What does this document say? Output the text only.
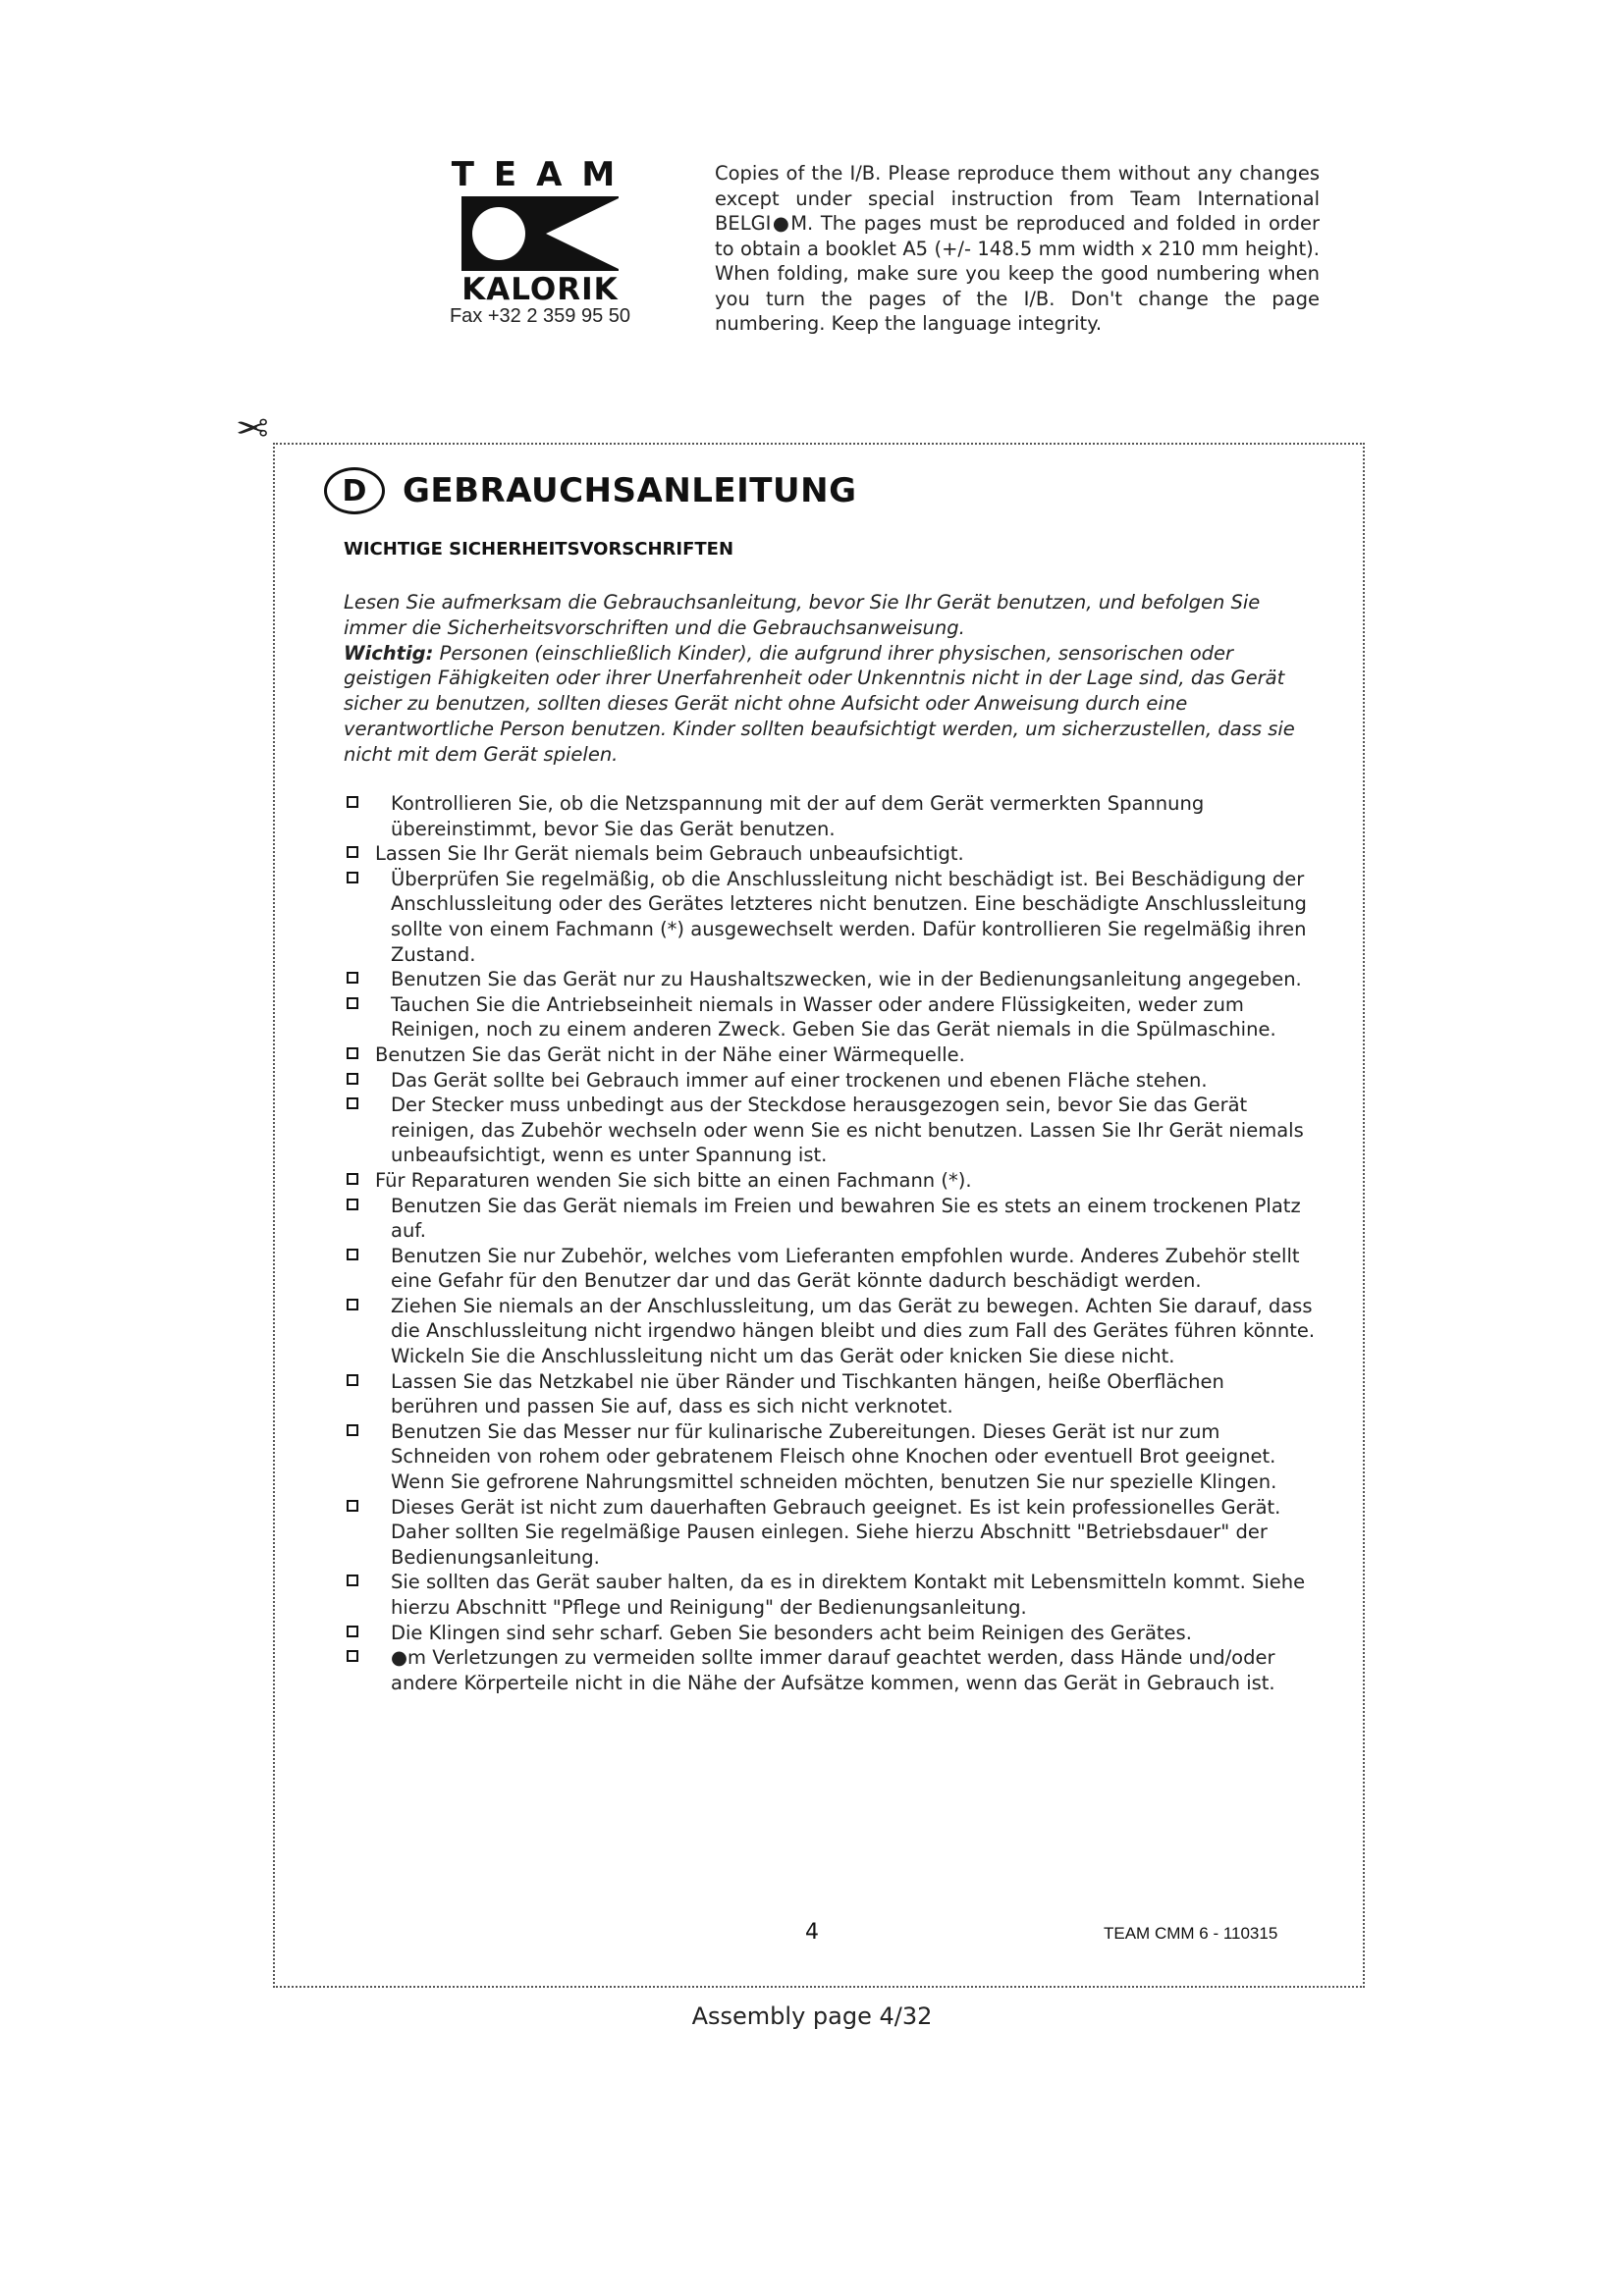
TEAM
KALORIK
Fax +32 2 359 95 50
Copies of the I/B. Please reproduce them without any changes except under special instruction from Team International BELGI●M. The pages must be reproduced and folded in order to obtain a booklet A5 (+/- 148.5 mm width x 210 mm height). When folding, make sure you keep the good numbering when you turn the pages of the I/B. Don't change the page numbering. Keep the language integrity.
✂
D	GEBRAUCHSANLEITUNG
WICHTIGE SICHERHEITSVORSCHRIFTEN

Lesen Sie aufmerksam die Gebrauchsanleitung, bevor Sie Ihr Gerät benutzen, und befolgen Sie immer die Sicherheitsvorschriften und die Gebrauchsanweisung.

Wichtig: Personen (einschließlich Kinder), die aufgrund ihrer physischen, sensorischen oder geistigen Fähigkeiten oder ihrer Unerfahrenheit oder Unkenntnis nicht in der Lage sind, das Gerät sicher zu benutzen, sollten dieses Gerät nicht ohne Aufsicht oder Anweisung durch eine verantwortliche Person benutzen. Kinder sollten beaufsichtigt werden, um sicherzustellen, dass sie nicht mit dem Gerät spielen.

Kontrollieren Sie, ob die Netzspannung mit der auf dem Gerät vermerkten Spannung übereinstimmt, bevor Sie das Gerät benutzen.
Lassen Sie Ihr Gerät niemals beim Gebrauch unbeaufsichtigt.
Überprüfen Sie regelmäßig, ob die Anschlussleitung nicht beschädigt ist. Bei Beschädigung der Anschlussleitung oder des Gerätes letzteres nicht benutzen. Eine beschädigte Anschlussleitung sollte von einem Fachmann (*) ausgewechselt werden. Dafür kontrollieren Sie regelmäßig ihren Zustand.
Benutzen Sie das Gerät nur zu Haushaltszwecken, wie in der Bedienungsanleitung angegeben.
Tauchen Sie die Antriebseinheit niemals in Wasser oder andere Flüssigkeiten, weder zum Reinigen, noch zu einem anderen Zweck. Geben Sie das Gerät niemals in die Spülmaschine.
Benutzen Sie das Gerät nicht in der Nähe einer Wärmequelle.
Das Gerät sollte bei Gebrauch immer auf einer trockenen und ebenen Fläche stehen.
Der Stecker muss unbedingt aus der Steckdose herausgezogen sein, bevor Sie das Gerät reinigen, das Zubehör wechseln oder wenn Sie es nicht benutzen. Lassen Sie Ihr Gerät niemals unbeaufsichtigt, wenn es unter Spannung ist.
Für Reparaturen wenden Sie sich bitte an einen Fachmann (*).
Benutzen Sie das Gerät niemals im Freien und bewahren Sie es stets an einem trockenen Platz auf.
Benutzen Sie nur Zubehör, welches vom Lieferanten empfohlen wurde. Anderes Zubehör stellt eine Gefahr für den Benutzer dar und das Gerät könnte dadurch beschädigt werden.
Ziehen Sie niemals an der Anschlussleitung, um das Gerät zu bewegen. Achten Sie darauf, dass die Anschlussleitung nicht irgendwo hängen bleibt und dies zum Fall des Gerätes führen könnte. Wickeln Sie die Anschlussleitung nicht um das Gerät oder knicken Sie diese nicht.
Lassen Sie das Netzkabel nie über Ränder und Tischkanten hängen, heiße Oberflächen berühren und passen Sie auf, dass es sich nicht verknotet.
Benutzen Sie das Messer nur für kulinarische Zubereitungen. Dieses Gerät ist nur zum Schneiden von rohem oder gebratenem Fleisch ohne Knochen oder eventuell Brot geeignet. Wenn Sie gefrorene Nahrungsmittel schneiden möchten, benutzen Sie nur spezielle Klingen.
Dieses Gerät ist nicht zum dauerhaften Gebrauch geeignet. Es ist kein professionelles Gerät. Daher sollten Sie regelmäßige Pausen einlegen. Siehe hierzu Abschnitt "Betriebsdauer" der Bedienungsanleitung.
Sie sollten das Gerät sauber halten, da es in direktem Kontakt mit Lebensmitteln kommt. Siehe hierzu Abschnitt "Pflege und Reinigung" der Bedienungsanleitung.
Die Klingen sind sehr scharf. Geben Sie besonders acht beim Reinigen des Gerätes.
●m Verletzungen zu vermeiden sollte immer darauf geachtet werden, dass Hände und/oder andere Körperteile nicht in die Nähe der Aufsätze kommen, wenn das Gerät in Gebrauch ist.
4	TEAM CMM 6 - 110315
Assembly page 4/32
